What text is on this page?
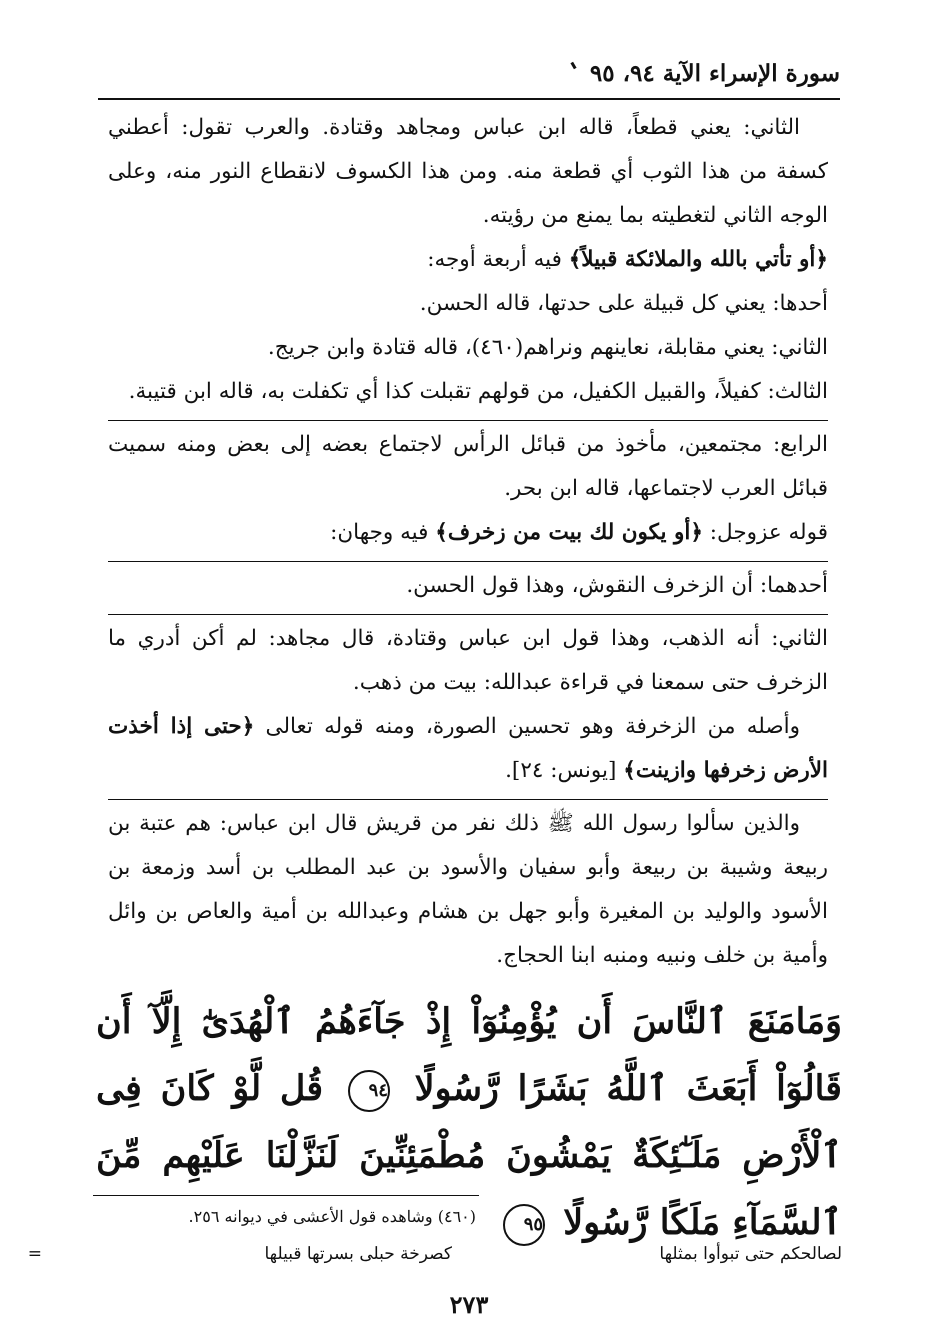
سورة الإسراء الآية ٩٤، ٩٥

الثاني: يعني قطعاً، قاله ابن عباس ومجاهد وقتادة. والعرب تقول: أعطني كسفة من هذا الثوب أي قطعة منه. ومن هذا الكسوف لانقطاع النور منه، وعلى الوجه الثاني لتغطيته بما يمنع من رؤيته.

﴿أو تأتي بالله والملائكة قبيلاً﴾ فيه أربعة أوجه:

أحدها: يعني كل قبيلة على حدتها، قاله الحسن.

الثاني: يعني مقابلة، نعاينهم ونراهم(٤٦٠)، قاله قتادة وابن جريج.

الثالث: كفيلاً، والقبيل الكفيل، من قولهم تقبلت كذا أي تكفلت به، قاله ابن قتيبة.

الرابع: مجتمعين، مأخوذ من قبائل الرأس لاجتماع بعضه إلى بعض ومنه سميت قبائل العرب لاجتماعها، قاله ابن بحر.

قوله عزوجل: ﴿أو يكون لك بيت من زخرف﴾ فيه وجهان:

أحدهما: أن الزخرف النقوش، وهذا قول الحسن.

الثاني: أنه الذهب، وهذا قول ابن عباس وقتادة، قال مجاهد: لم أكن أدري ما الزخرف حتى سمعنا في قراءة عبدالله: بيت من ذهب.

وأصله من الزخرفة وهو تحسين الصورة، ومنه قوله تعالى ﴿حتى إذا أخذت الأرض زخرفها وازينت﴾ [يونس: ٢٤].

والذين سألوا رسول الله ﷺ ذلك نفر من قريش قال ابن عباس: هم عتبة بن ربيعة وشيبة بن ربيعة وأبو سفيان والأسود بن عبد المطلب بن أسد وزمعة بن الأسود والوليد بن المغيرة وأبو جهل بن هشام وعبدالله بن أمية والعاص بن وائل وأمية بن خلف ونبيه ومنبه ابنا الحجاج.

وَمَامَنَعَ ٱلنَّاسَ أَن يُؤْمِنُوٓاْ إِذْ جَآءَهُمُ ٱلْهُدَىٰٓ إِلَّآ أَن قَالُوٓاْ أَبَعَثَ ٱللَّهُ بَشَرًا رَّسُولًا ٩٤ قُل لَّوْ كَانَ فِى ٱلْأَرْضِ مَلَـٰٓئِكَةٌ يَمْشُونَ مُطْمَئِنِّينَ لَنَزَّلْنَا عَلَيْهِم مِّنَ ٱلسَّمَآءِ مَلَكًا رَّسُولًا ٩٥
(٤٦٠) وشاهده قول الأعشى في ديوانه ٢٥٦.
لصالحكم حتى تبوأوا بمثلها
كصرخة حبلى بسرتها قبيلها
=
٢٧٣
